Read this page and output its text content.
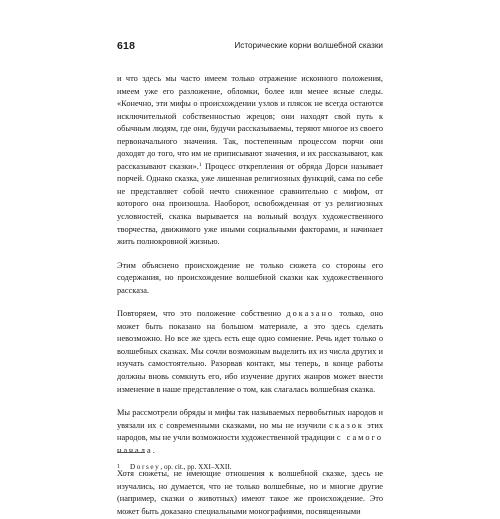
618	Исторические корни волшебной сказки

и что здесь мы часто имеем только отражение исконного положения, имеем уже его разложение, обломки, более или менее ясные следы. «Конечно, эти мифы о происхождении узлов и плясок не всегда остаются исключительной собственностью жрецов; они находят свой путь к обычным людям, где они, будучи рассказываемы, теряют многое из своего первоначального значения. Так, постепенным процессом порчи они доходят до того, что им не приписывают значения, и их рассказывают, как рассказывают сказки».$^1$ Процесс открепления от обряда Дорси называет порчей. Однако сказка, уже лишенная религиозных функций, сама по себе не представляет собой нечто сниженное сравнительно с мифом, от которого она произошла. Наоборот, освобожденная от уз религиозных условностей, сказка вырывается на вольный воздух художественного творчества, движимого уже иными социальными факторами, и начинает жить полнокровной жизнью.

Этим объяснено происхождение не только сюжета со стороны его содержания, но происхождение волшебной сказки как художественного рассказа.

Повторяем, что это положение собственно доказано только, оно может быть показано на большом материале, а это здесь сделать невозможно. Но все же здесь есть еще одно сомнение. Речь идет только о волшебных сказках. Мы сочли возможным выделить их из числа других и изучать самостоятельно. Разорвав контакт, мы теперь, в конце работы должны вновь сомкнуть его, ибо изучение других жанров может внести изменение в наше представление о том, как слагалась волшебная сказка.

Мы рассмотрели обряды и мифы так называемых первобытных народов и увязали их с современными сказками, но мы не изучили сказок этих народов, мы не учли возможности художественной традиции с самого начала.

Хотя сюжеты, не имеющие отношения к волшебной сказке, здесь не изучались, но думается, что не только волшебные, но и многие другие (например, сказки о животных) имеют такое же происхождение. Это может быть доказано специальными монографиями, посвященными

1 Dorsey, op. cit., pp. XXI–XXII.
